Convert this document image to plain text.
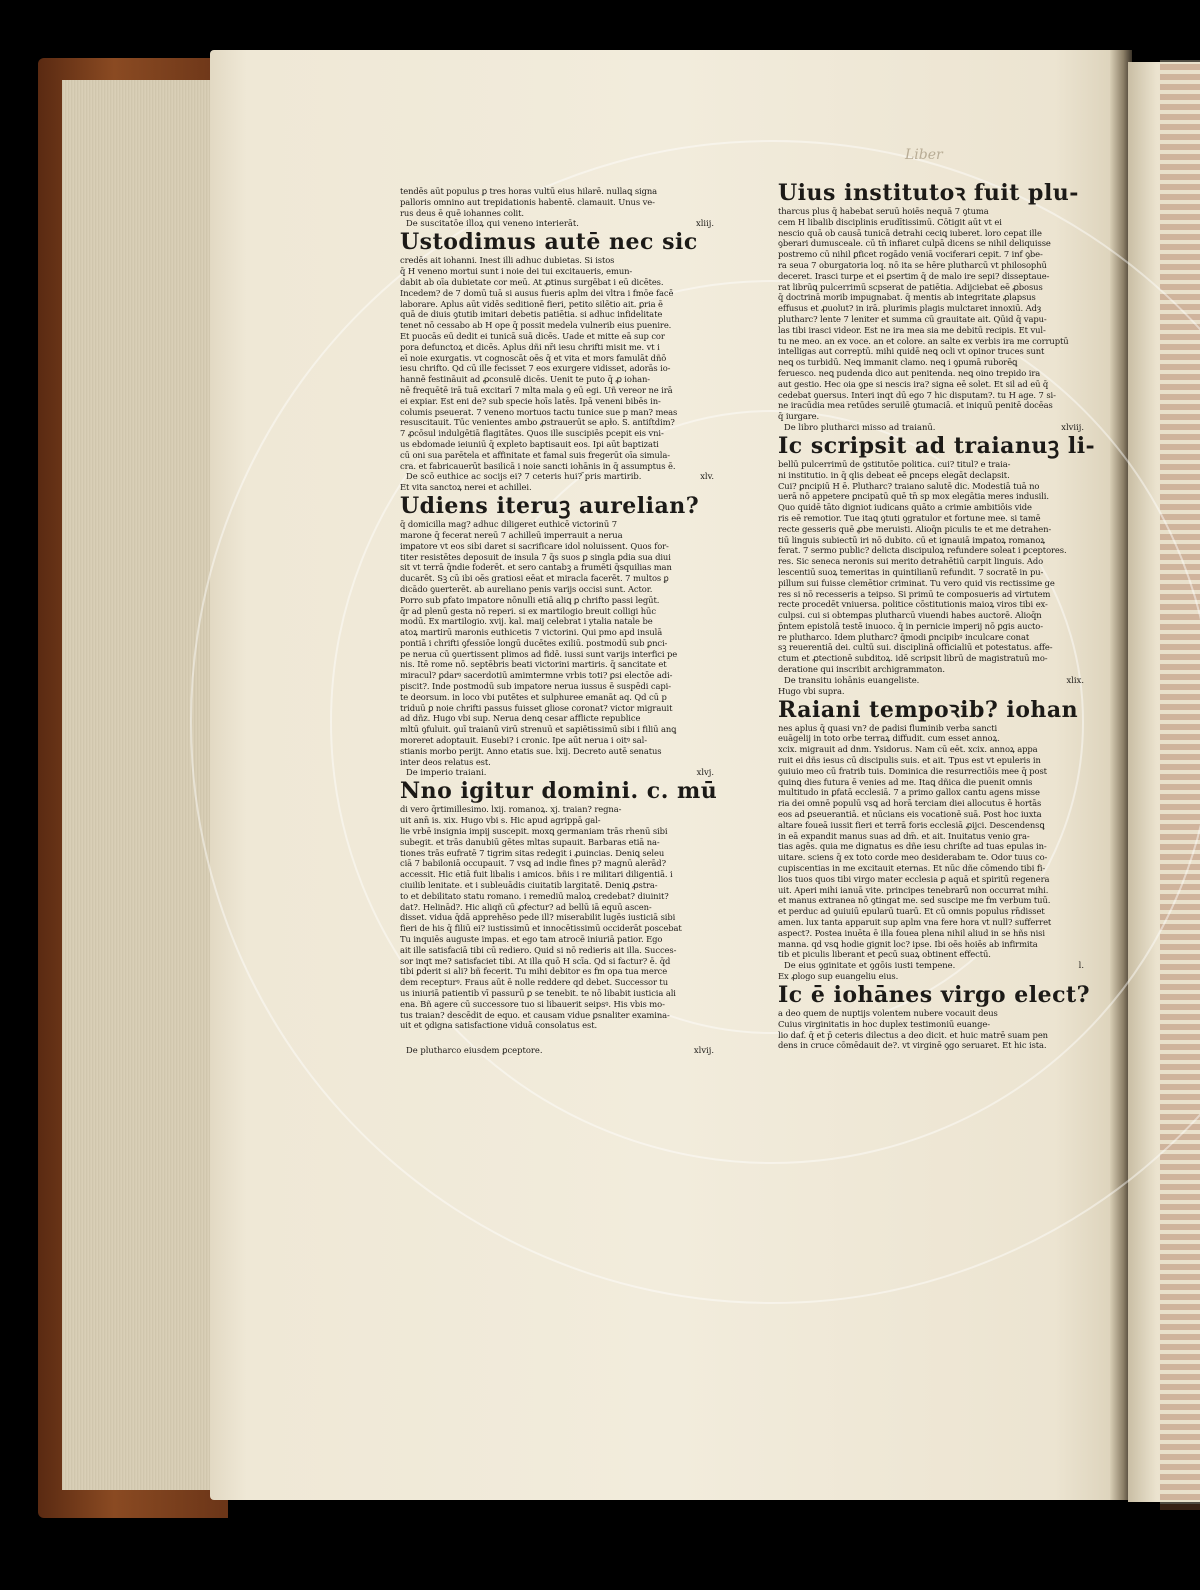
Liber
tendēs aūt populus ꝑ tres horas vultū eius hilarē. nullaꝗ signa
palloris omnino aut trepidationis habentē. clamauit. Unus ve-
rus deus ē quē iohannes colit.
De suscitatōe illoꝝ qui veneno interierāt.	xliij.
Ustodimus autē nec sic
credēs ait iohanni. Inest illi adhuc dubietas. Si istos
q̄ H veneno mortui sunt i noie dei tui excitaueris, emun-
dabit ab oīa dubietate cor meū. At ꝓtinus surgēbat i eū dicētes.
Incedem? de 7 domū tuā si ausus fueris aplm dei vltra i fmōe facē
laborare. Aplus aūt vidēs seditionē fieri, petito silētio ait. ꝑria ē
quā de diuis ꝯtutib imitari debetis patiētia. si adhuc infidelitate
tenet nō cessabo ab H ope q̄ possit medela vulnerib eius puenire.
Et puocās eū dedit ei tunicā suā dicēs. Uade et mitte eā sup cor
pora defunctoꝝ et dicēs. Aplus dñi nr̄i iesu chrifti misit me. vt i
eī noie exurgatis. vt cognoscāt oēs q̄ et vita et mors famulāt dñō
iesu chrifto. Qd cū ille fecisset 7 eos exurgere vidisset, adorās io-
hannē festināuit ad ꝓconsulē dicēs. Uenit te puto q̄ ꝓ iohan-
nē frequētē irā tuā excitarī 7 mlta mala ꝯ eū egi. Uñ vereor ne irā
ei expiar. Est eni de? sub specie hoīs latēs. Ipā veneni bibēs in-
columis pseuerat. 7 veneno mortuos tactu tunice sue p man? meas
resuscitauit. Tūc venientes ambo ꝓstrauerūt se apło. S. antiſtdim?
7 ꝓcōsul indulgētiā flagitātes. Quos ille suscipiēs pcepit eis vni-
us ebdomade ieiuniū q̄ expleto baptisauit eos. Ipi aūt baptizati
cū oni sua parētela et affinitate et famal suis fregerūt oīa simula-
cra. et fabricauerūt basilicā i noie sancti iohānis in q̄ assumptus ē.
De scō euthice ac socijs ei? 7 ceteris hui? ̄pris martirib.	xlv.
Et vita sanctoꝝ nerei et achillei.
Udiens iteruꝫ aurelian?
q̄ domicilla mag? adhuc diligeret euthicē victorinū 7
marone q̄ fecerat nereū 7 achilleū imperrauit a nerua
imꝑatore vt eos sibi daret si sacrificare idol noluissent. Quos for-
titer resistētes deposuit de insula 7 q̄s suos ꝑ singla ꝑdia sua diui
sit vt terrā q̄ndie foderēt. et sero cantabꝫ a frumēti q̄squilias man
ducarēt. Sꝫ cū ibi oēs gratiosi eēat et miracla facerēt. 7 multos ꝑ
dicādo ꝯuerterēt. ab aureliano penis varijs occisi sunt. Actor.
Porro sub ꝑfato impatore nōnulli etiā aliꝗ ꝑ chrifto passi legūt.
q̄r ad plenū gesta nō reperi. si ex martilogio breuit colligi hūc
modū. Ex martilogio. xvij. kal. maij celebrat i ytalia natale be
atoꝝ martirū maronis euthicetis 7 victorini. Qui pmo apd insulā
pontiā i chrifti ꝯfessiōe longū ducētes exiliū. postmodū sub ꝑnci-
pe nerua cū ꝯuertissent plimos ad fidē. iussi sunt varijs interfici pe
nis. Itē rome nō. septēbris beati victorini martiris. q̄ sancitate et
miracul? ꝑdarꝰ sacerdotiū amimtermne vrbis toti? ꝑsi electōe adi-
piscit?. Inde postmodū sub impatore nerua iussus ē suspēdi capi-
te deorsum. in loco vbi putētes et sulphuree emanāt aq. Qd cū p
triduū ꝑ noie chrifti passus fuisset gliose coronat? victor migrauit
ad dñz. Hugo vbi sup. Nerua denꝗ cesar afflicte republice
mltū ꝯfuluit. ꝯuī traianū virū strenuū et sapiētissimū sibi i filiū anꝗ
moreret adoptauit. Eusebi? i cronic. Ipe aūt nerua i oitꝰ sal-
stianis morbo perijt. Anno etatis sue. lxij. Decreto autē senatus
inter deos relatus est.
De imperio traiani.	xlvj.
Nno igitur domini. c. mū
di vero q̄rtimillesimo. lxij. romanoꝝ. xj. traian? regna-
uit ann̄ is. xix. Hugo vbi s. Hic apud agrippā gal-
lie vrbē insignia impij suscepit. moxꝗ germaniam trās rhenū sibi
subegit. et trās danubiū gētes mltas supauit. Barbaras etiā na-
tiones trās eufratē 7 tigrim sitas redegit i ꝓuincias. Deniꝗ seleu
ciā 7 babiloniā occupauit. 7 vsꝗ ad indie fines p? magnū alerād?
accessit. Hic etiā fuit libalis i amicos. bñis i re militari diligentiā. i
ciuilib lenitate. et i subleuādis ciuitatib largitatē. Deniꝗ ꝓstra-
to et debilitato statu romano. i remediū maloꝝ credebat? diuinit?
dat?. Helinād?. Hic aliqñ cū ꝓfectur? ad bellū iā equū ascen-
disset. vidua q̄dā apprehēso pede ill? miserabilit lugēs iusticiā sibi
fieri de his q̄ filiū ei? iustissimū et innocētissimū occiderāt poscebat
Tu inquiēs auguste impas. et ego tam atrocē iniuriā patior. Ego
ait ille satisfaciā tibi cū rediero. Quid si nō redieris ait illa. Succes-
sor inqt me? satisfaciet tibi. At illa quō H scīa. Qd si factur? ē. q̄d
tibi ꝑderit si ali? bñ fecerit. Tu mihi debitor es fm opa tua merce
dem recepturꝰ. Fraus aūt ē nolle reddere qd debet. Successor tu
us iniuriā patientib vī passurū ꝑ se tenebit. te nō libabit iusticia ali
ena. Bñ agere cū successore tuo si libauerit seipsꝰ. His vbis mo-
tus traian? descēdit de equo. et causam vidue ꝑsnaliter examina-
uit et ꝯdigna satisfactione viduā consolatus est.
De plutharco eiusdem ꝑceptore.	xlvij.
Uius institutoꝛ fuit plu-
tharcus plus q̄ habebat seruū hoiēs nequā 7 ꝯtuma
cem H libalib disciplinis erudītissimū. Cōtigit aūt vt ei
nescio quā ob causā tunicā detrahi ceciꝗ iuberet. loro cepat ille
ꝯberari dumusceale. cū tn̄ infiaret culpā dicens se nihil deliquisse
postremo cū nihil ꝑficet rogādo veniā vociferari cepit. 7 inf ꝯbe-
ra seua 7 oburgatoria loq. nō ita se hēre plutharcū vt philosophū
deceret. Irasci turpe et ei ꝑsertim q̄ de malo ire sepi? disseptaue-
rat librūꝗ pulcerrimū scpserat de patiētia. Adijciebat eē ꝓbosus
q̄ doctrinā morib impugnabat. q̄ mentis ab integritate ꝓlapsus
effusus et ꝓuolut? in irā. plurimis plagis mulctaret innoxiū. Adȝ
plutharc? lente 7 leniter et summa cū grauitate ait. Qūid q̄ vapu-
las tibi irasci videor. Est ne ira mea sia me debitū recipis. Et vul-
tu ne meo. an ex voce. an et colore. an salte ex verbis ira me corruptū
intelligas aut correptū. mihi quidē neꝗ ocli vt opinor truces sunt
neꝗ os turbidū. Neꝗ immanit clamo. neꝗ i ꝯpumā ruborēꝗ
feruesco. neꝗ pudenda dico aut penitenda. neꝗ oino trepido ira
aut gestio. Hec oia ꝯpe si nescis ira? signa eē solet. Et sil ad eū q̄
cedebat ꝯuersus. Interi inqt dū ego 7 hic disputam?. tu H age. 7 si-
ne iracūdia mea retūdes seruilē ꝯtumaciā. et iniquū penitē docēas
q̄ iurgare.
De libro plutharci misso ad traianū.	xlviij.
Ic scripsit ad traianuꝫ li-
bellū pulcerrimū de ꝯstitutōe politica. cui? titul? e traia-
ni institutio. in q̄ qlis debeat eē ꝑnceps elegāt declapsit.
Cui? ꝑncipiū H ē. Plutharc? traiano salutē dic. Modestiā tuā no
uerā nō appetere ꝑncipatū quē tn̄ sp mox elegātia meres indusili.
Quo quidē tāto digniot iudicans quāto a crimie ambitiōis vide
ris eē remotior. Tue itaꝗ ꝯtuti ꝯgratulor et fortune mee. si tamē
recte gesseris quē ꝓbe meruisti. Alioq̄n piculis te et me detrahen-
tiū linguis subiectū iri nō dubito. cū et ignauiā imꝑatoꝝ romanoꝝ
ferat. 7 sermo public? delicta discipuloꝝ refundere soleat i ꝑceptores.
res. Sic seneca neronis sui merito detrahētiū carpit linguis. Ado
lescentiū suoꝝ temeritas in quintilianū refundit. 7 socratē in pu-
pillum sui fuisse clemētior criminat. Tu vero quid vis rectissime ge
res si nō recesseris a teipso. Si primū te composueris ad virtutem
recte procedēt vniuersa. politice cōstitutionis maioꝝ viros tibi ex-
culpsi. cui si obtemꝑas plutharcū viuendi habes auctorē. Alioq̄n
p̄ntem epistolā testē inuoco. q̄ in pernicie imperij nō ꝑgis aucto-
re plutharco. Idem plutharc? q̄modi ꝑncipibꝰ inculcare conat
sꝫ reuerentiā dei. cultū sui. disciplinā officialiū et potestatus. affe-
ctum et ꝓtectionē subditoꝝ. idē scripsit librū de magistratuū mo-
deratione qui inscribit archigrammaton.
De transitu iohānis euangeliste.	xlix.
Hugo vbi supra.
Raiani tempoꝛib? iohan
nes aplus q̄ quasi vn? de ꝑadisi fluminib verba sancti
euāgelij in toto orbe terraꝝ diffudit. cum esset annoꝝ.
xcix. migrauit ad dnm. Ysidorus. Nam cū eēt. xcix. annoꝝ appa
ruit ei dñs iesus cū discipulis suis. et ait. Tpus est vt epuleris in
ꝯuiuio meo cū fratrib tuis. Dominica die resurrectiōis mee q̄ post
quinꝗ dies futura ē venies ad me. Itaꝗ dñica die puenit omnis
multitudo in ꝑfatā ecclesiā. 7 a primo gallox cantu agens misse
ria dei omnē populū vsꝗ ad horā terciam diei allocutus ē hortās
eos ad ꝑseuerantiā. et nūcians eis vocationē suā. Post hoc iuxta
altare foueā iussit fieri et terrā foris ecclesiā ꝓijci. Descendensꝗ
in eā expandit manus suas ad dm̄. et ait. Inuitatus venio gra-
tias agēs. quia me dignatus es dñe iesu chriſte ad tuas epulas in-
uitare. sciens q̄ ex toto corde meo desiderabam te. Odor tuus co-
cupiscentias in me excitauit eternas. Et nūc dñe cōmendo tibi fi-
lios tuos quos tibi virgo mater ecclesia ꝑ aquā et spiritū regenera
uit. Aperi mihi ianuā vite. principes tenebrarū non occurrat mihi.
et manus extranea nō ꝯtingat me. sed suscipe me fm verbum tuū.
et perduc ad ꝯuiuiū epularū tuarū. Et cū omnis populus rn̄disset
amen. lux tanta apparuit sup aplm vna fere hora vt null? sufferret
aspect?. Postea inuēta ē illa fouea plena nihil aliud in se hñs nisi
manna. qd vsꝗ hodie gignit loc? ipse. Ibi oēs hoiēs ab infirmita
tib et piculis liberant et ꝑecū suaꝝ obtinent effectū.
De eius ꝯginitate et ꝯgōis iusti tempene.	l.
Ex ꝓlogo sup euangeliu eius.
Ic ē iohānes virgo elect?
a deo quem de nuptijs volentem nubere vocauit deus
Cuius virginitatis in hoc duplex testimoniū euange-
lio daf. q̄ et p̄ ceteris dilectus a deo dicit. et huic matrē suam pen
dens in cruce cōmēdauit de?. vt virginē ꝯgo seruaret. Et hic ista.
